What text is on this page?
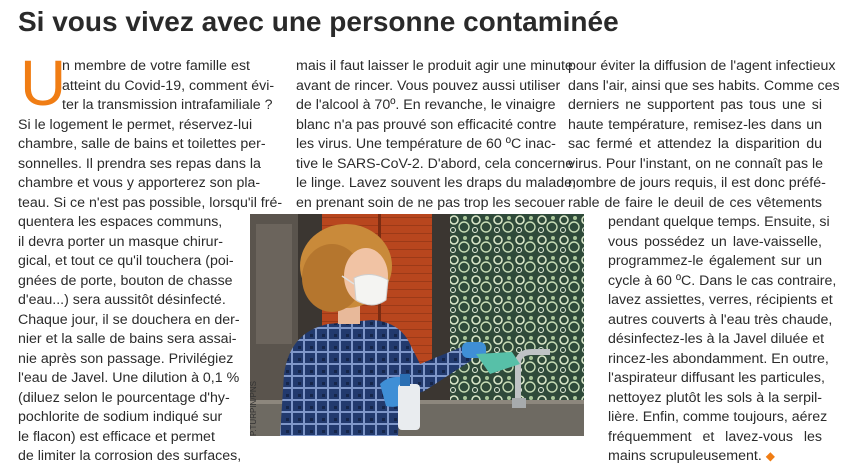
Si vous vivez avec une personne contaminée
U
n membre de votre famille est
atteint du Covid-19, comment évi-
ter la transmission intrafamiliale ?
Si le logement le permet, réservez-lui
chambre, salle de bains et toilettes per-
sonnelles. Il prendra ses repas dans la
chambre et vous y apporterez son pla-
teau. Si ce n'est pas possible, lorsqu'il fré-
quentera les espaces communs,
il devra porter un masque chirur-
gical, et tout ce qu'il touchera (poi-
gnées de porte, bouton de chasse
d'eau...) sera aussitôt désinfecté.
Chaque jour, il se douchera en der-
nier et la salle de bains sera assai-
nie après son passage. Privilégiez
l'eau de Javel. Une dilution à 0,1 %
(diluez selon le pourcentage d'hy-
pochlorite de sodium indiqué sur
le flacon) est efficace et permet
de limiter la corrosion des surfaces,
mais il faut laisser le produit agir une minute
avant de rincer. Vous pouvez aussi utiliser
de l'alcool à 70º. En revanche, le vinaigre
blanc n'a pas prouvé son efficacité contre
les virus. Une température de 60 ºC inac-
tive le SARS-CoV-2. D'abord, cela concerne
le linge. Lavez souvent les draps du malade,
en prenant soin de ne pas trop les secouer
pour éviter la diffusion de l'agent infectieux
dans l'air, ainsi que ses habits. Comme ces
derniers ne supportent pas tous une si
haute température, remisez-les dans un
sac fermé et attendez la disparition du
virus. Pour l'instant, on ne connaît pas le
nombre de jours requis, il est donc préfé-
rable de faire le deuil de ces vêtements
pendant quelque temps. Ensuite, si
vous possédez un lave-vaisselle,
programmez-le également sur un
cycle à 60 ºC. Dans le cas contraire,
lavez assiettes, verres, récipients et
autres couverts à l'eau très chaude,
désinfectez-les à la Javel diluée et
rincez-les abondamment. En outre,
l'aspirateur diffusant les particules,
nettoyez plutôt les sols à la serpil-
lière. Enfin, comme toujours, aérez
fréquemment et lavez-vous les
mains scrupuleusement. ◆
P.TURPIN/PNS
